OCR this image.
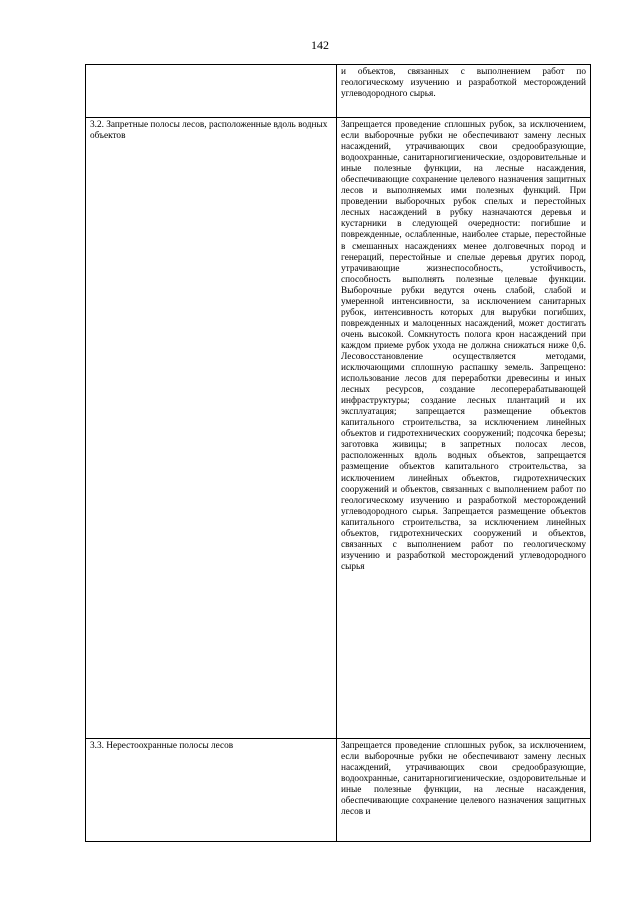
142

	и объектов, связанных с выполнением работ по геологическому изучению и разработкой месторождений углеводородного сырья.

3.2. Запретные полосы лесов, расположенные вдоль водных объектов	Запрещается проведение сплошных рубок, за исключением, если выборочные рубки не обеспечивают замену лесных насаждений, утрачивающих свои средообразующие, водоохранные, санитарногигиенические, оздоровительные и иные полезные функции, на лесные насаждения, обеспечивающие сохранение целевого назначения защитных лесов и выполняемых ими полезных функций. При проведении выборочных рубок спелых и перестойных лесных насаждений в рубку назначаются деревья и кустарники в следующей очередности: погибшие и поврежденные, ослабленные, наиболее старые, перестойные в смешанных насаждениях менее долговечных пород и генераций, перестойные и спелые деревья других пород, утрачивающие жизнеспособность, устойчивость, способность выполнять полезные целевые функции. Выборочные рубки ведутся очень слабой, слабой и умеренной интенсивности, за исключением санитарных рубок, интенсивность которых для вырубки погибших, поврежденных и малоценных насаждений, может достигать очень высокой. Сомкнутость полога крон насаждений при каждом приеме рубок ухода не должна снижаться ниже 0,6. Лесовосстановление осуществляется методами, исключающими сплошную распашку земель. Запрещено: использование лесов для переработки древесины и иных лесных ресурсов, создание лесоперерабатывающей инфраструктуры; создание лесных плантаций и их эксплуатация; запрещается размещение объектов капитального строительства, за исключением линейных объектов и гидротехнических сооружений; подсочка березы; заготовка живицы; в запретных полосах лесов, расположенных вдоль водных объектов, запрещается размещение объектов капитального строительства, за исключением линейных объектов, гидротехнических сооружений и объектов, связанных с выполнением работ по геологическому изучению и разработкой месторождений углеводородного сырья. Запрещается размещение объектов капитального строительства, за исключением линейных объектов, гидротехнических сооружений и объектов, связанных с выполнением работ по геологическому изучению и разработкой месторождений углеводородного сырья

3.3. Нерестоохранные полосы лесов	Запрещается проведение сплошных рубок, за исключением, если выборочные рубки не обеспечивают замену лесных насаждений, утрачивающих свои средообразующие, водоохранные, санитарногигиенические, оздоровительные и иные полезные функции, на лесные насаждения, обеспечивающие сохранение целевого назначения защитных лесов и
